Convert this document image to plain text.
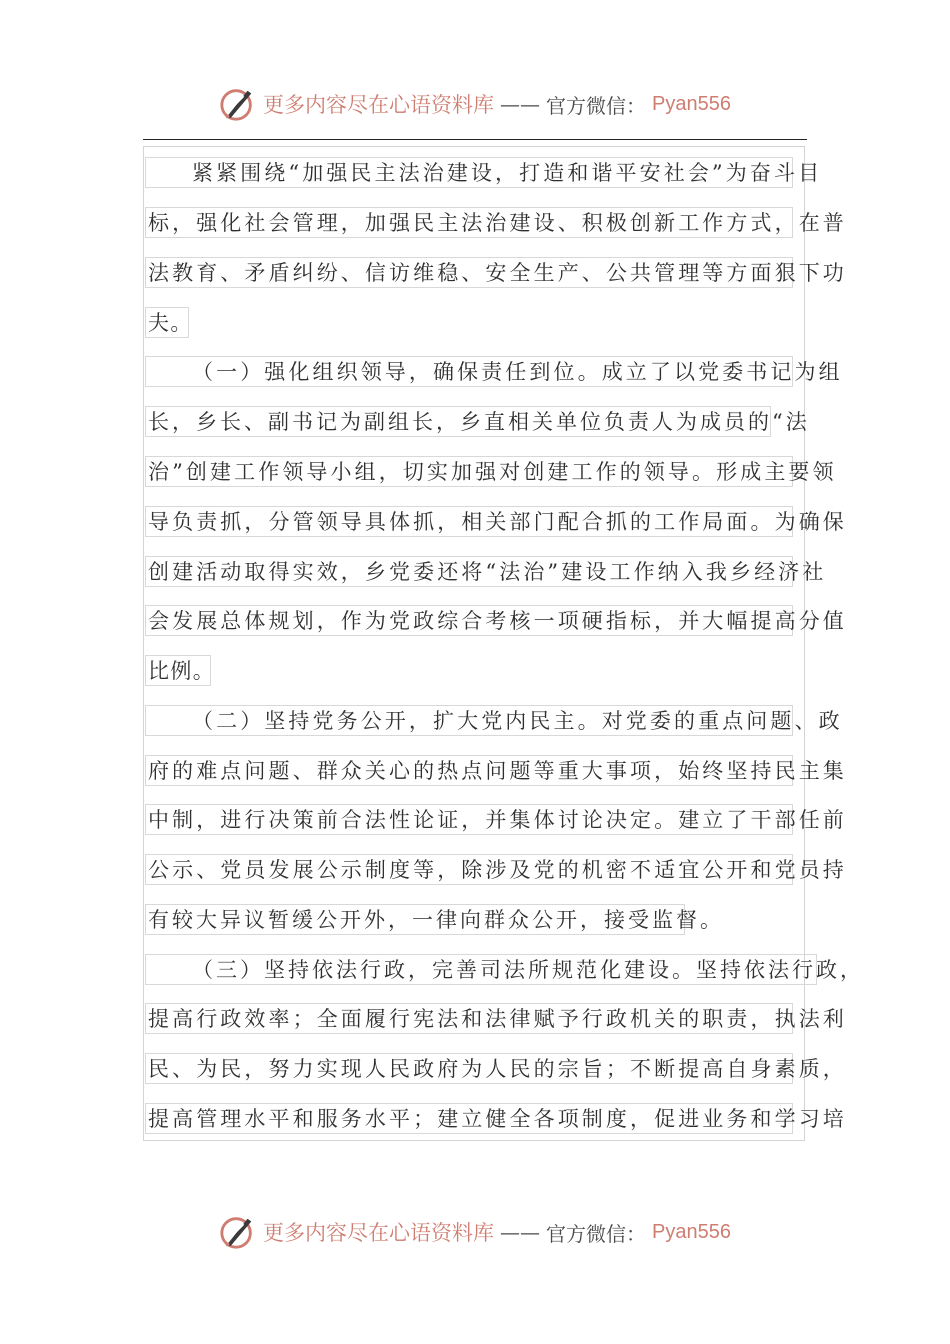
更多内容尽在心语资料库 —— 官方微信： Pyan556
紧紧围绕“加强民主法治建设，打造和谐平安社会”为奋斗目
标，强化社会管理，加强民主法治建设、积极创新工作方式，在普
法教育、矛盾纠纷、信访维稳、安全生产、公共管理等方面狠下功
夫。
（一）强化组织领导，确保责任到位。成立了以党委书记为组
长，乡长、副书记为副组长，乡直相关单位负责人为成员的“法
治”创建工作领导小组，切实加强对创建工作的领导。形成主要领
导负责抓，分管领导具体抓，相关部门配合抓的工作局面。为确保
创建活动取得实效，乡党委还将“法治”建设工作纳入我乡经济社
会发展总体规划，作为党政综合考核一项硬指标，并大幅提高分值
比例。
（二）坚持党务公开，扩大党内民主。对党委的重点问题、政
府的难点问题、群众关心的热点问题等重大事项，始终坚持民主集
中制，进行决策前合法性论证，并集体讨论决定。建立了干部任前
公示、党员发展公示制度等，除涉及党的机密不适宜公开和党员持
有较大异议暂缓公开外，一律向群众公开，接受监督。
（三）坚持依法行政，完善司法所规范化建设。坚持依法行政，
提高行政效率；全面履行宪法和法律赋予行政机关的职责，执法利
民、为民，努力实现人民政府为人民的宗旨；不断提高自身素质，
提高管理水平和服务水平；建立健全各项制度，促进业务和学习培
更多内容尽在心语资料库 —— 官方微信： Pyan556
